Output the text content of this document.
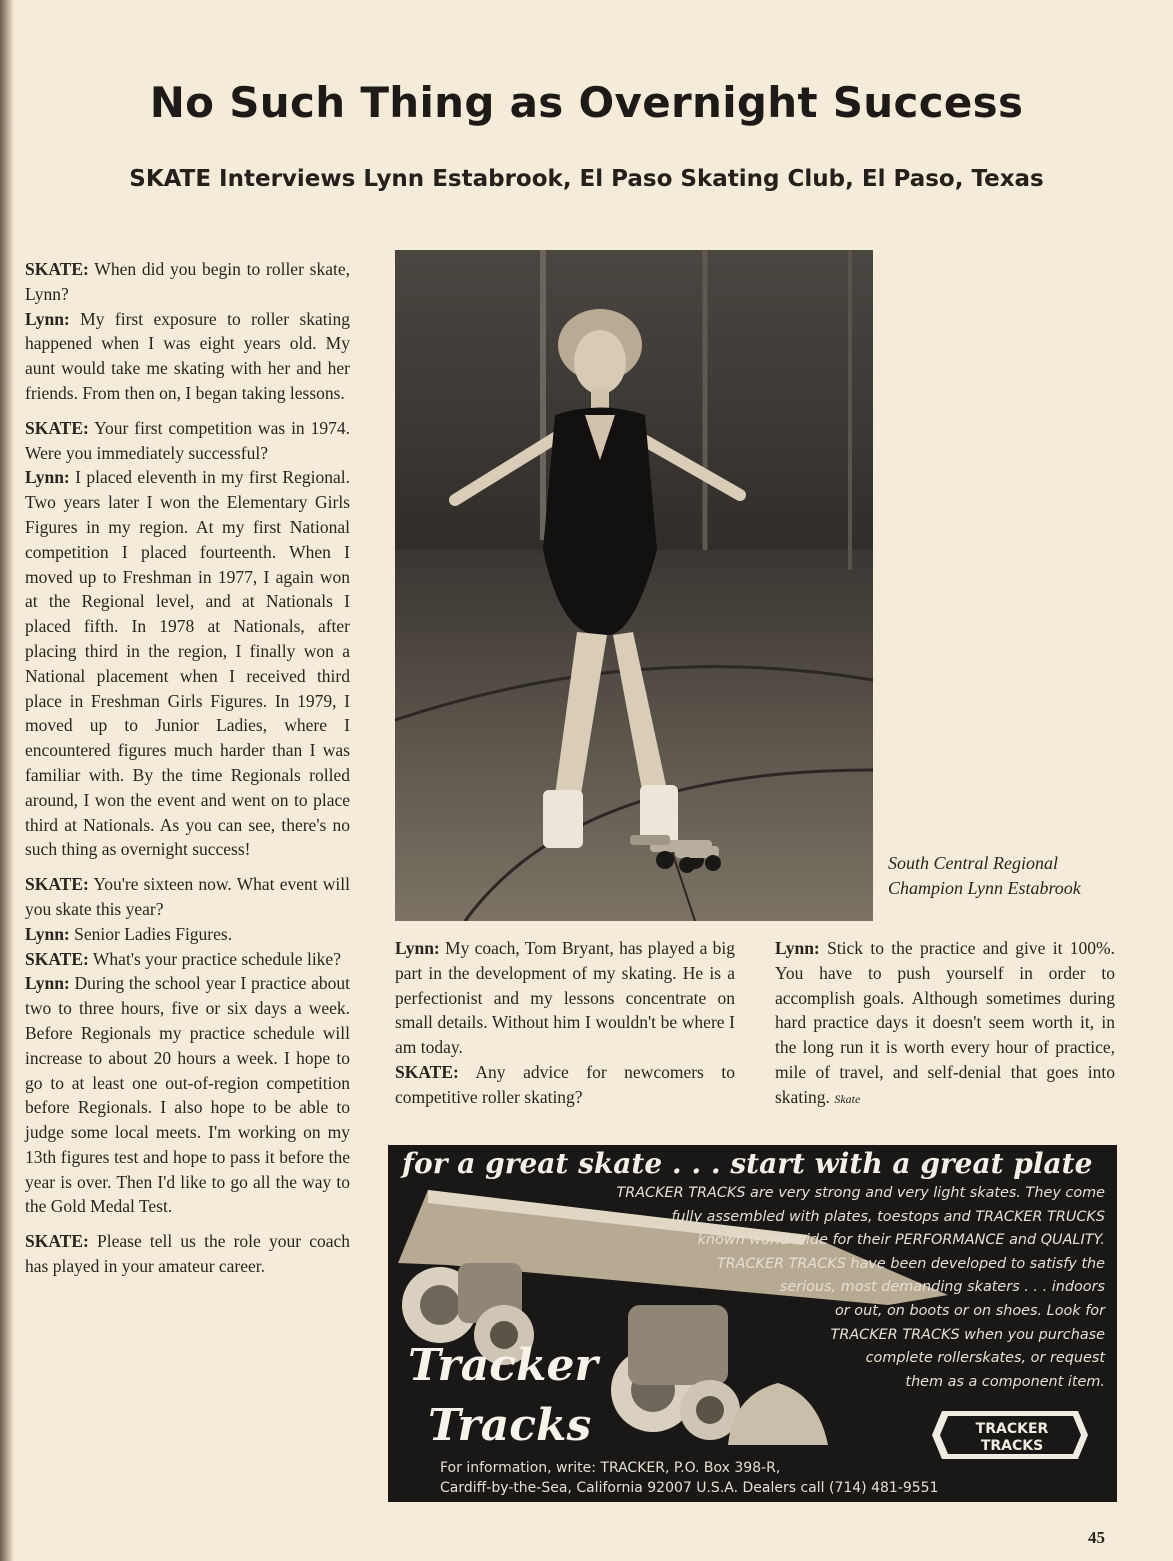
No Such Thing as Overnight Success
SKATE Interviews Lynn Estabrook, El Paso Skating Club, El Paso, Texas

SKATE: When did you begin to roller skate, Lynn?

Lynn: My first exposure to roller skating happened when I was eight years old. My aunt would take me skating with her and her friends. From then on, I began taking lessons.

SKATE: Your first competition was in 1974. Were you immediately successful?

Lynn: I placed eleventh in my first Regional. Two years later I won the Elementary Girls Figures in my region. At my first National competition I placed fourteenth. When I moved up to Freshman in 1977, I again won at the Regional level, and at Nationals I placed fifth. In 1978 at Nationals, after placing third in the region, I finally won a National placement when I received third place in Freshman Girls Figures. In 1979, I moved up to Junior Ladies, where I encountered figures much harder than I was familiar with. By the time Regionals rolled around, I won the event and went on to place third at Nationals. As you can see, there's no such thing as overnight success!

SKATE: You're sixteen now. What event will you skate this year?

Lynn: Senior Ladies Figures.

SKATE: What's your practice schedule like?

Lynn: During the school year I practice about two to three hours, five or six days a week. Before Regionals my practice schedule will increase to about 20 hours a week. I hope to go to at least one out-of-region competition before Regionals. I also hope to be able to judge some local meets. I'm working on my 13th figures test and hope to pass it before the year is over. Then I'd like to go all the way to the Gold Medal Test.

SKATE: Please tell us the role your coach has played in your amateur career.

South Central Regional Champion Lynn Estabrook

Lynn: My coach, Tom Bryant, has played a big part in the development of my skating. He is a perfectionist and my lessons concentrate on small details. Without him I wouldn't be where I am today.

SKATE: Any advice for newcomers to competitive roller skating?

Lynn: Stick to the practice and give it 100%. You have to push yourself in order to accomplish goals. Although sometimes during hard practice days it doesn't seem worth it, in the long run it is worth every hour of practice, mile of travel, and self-denial that goes into skating. Skate

for a great skate . . . start with a great plate
TRACKER TRACKS are very strong and very light skates. They come
fully assembled with plates, toestops and TRACKER TRUCKS
known world-wide for their PERFORMANCE and QUALITY.
TRACKER TRACKS have been developed to satisfy the
serious, most demanding skaters . . . indoors
or out, on boots or on shoes. Look for
TRACKER TRACKS when you purchase
complete rollerskates, or request
them as a component item.
Tracker
Tracks	TRACKER
TRACKS
For information, write: TRACKER, P.O. Box 398-R,
Cardiff-by-the-Sea, California 92007 U.S.A. Dealers call (714) 481-9551
45
